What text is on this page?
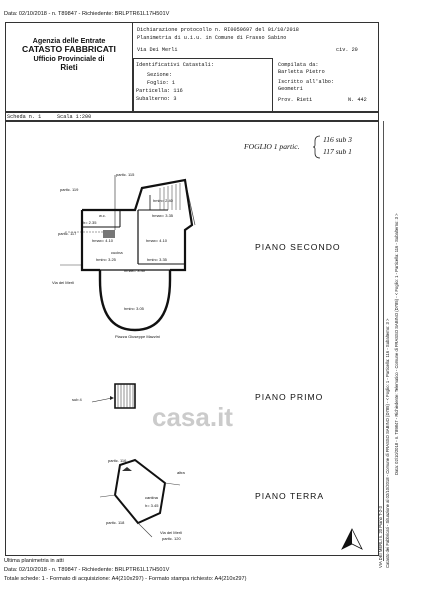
Data: 02/10/2018 - n. T89847 - Richiedente: BRLPTR61L17H501V
Agenzia delle Entrate
CATASTO FABBRICATI
Ufficio Provinciale di
Rieti
Dichiarazione protocollo n. RI0059697 del 01/10/2018
Planimetria di u.i.u. in Comune di Frasso Sabino
Via Dei Merli	civ. 20
Identificativi Catastali:
Sezione:
Foglio: 1
Particella: 116
Subalterno: 3
Compilata da:
Barletta Pietro
Iscritto all'albo:
Geometri
Prov. Rieti	N. 442
Scheda n. 1	Scala 1:200
FOGLIO 1 partic.
116 sub 3
117 sub 1
PIANO SECONDO
PIANO PRIMO
PIANO TERRA
partic. 115
partic. 119
hmin= 2.40
hmax= 3.35
w.c.
h= 2.35
partic. 117
hmax= 4.10	hmax= 4.10
cucina
hmin= 3.25	hmin= 3.35
hmax= 3.40
Via dei Merli
hmin= 3.05
Piazza Giuseppe Mazzini
sub 4
partic. 116
altra
cantina
h= 3.45
partic. 118
Via dei Merli
partic. 120
casa.it	Data: 02/10/2018 - n. T89847 - Richiedente: Telematico - Comune di FRASSO SABINO (D785) - < Foglio: 1 - Particella: 116 - Subalterno: 3 >
Catasto dei Fabbricati - Situazione al 02/10/2018 - Comune di FRASSO SABINO (D785) - < Foglio: 1 - Particella: 116 - Subalterno: 3 >
VIA DEI MERLI n. 20 Piano T-2-3
Ultima planimetria in atti
Data: 02/10/2018 - n. T89847 - Richiedente: BRLPTR61L17H501V
Totale schede: 1 - Formato di acquisizione: A4(210x297) - Formato stampa richiesto: A4(210x297)
